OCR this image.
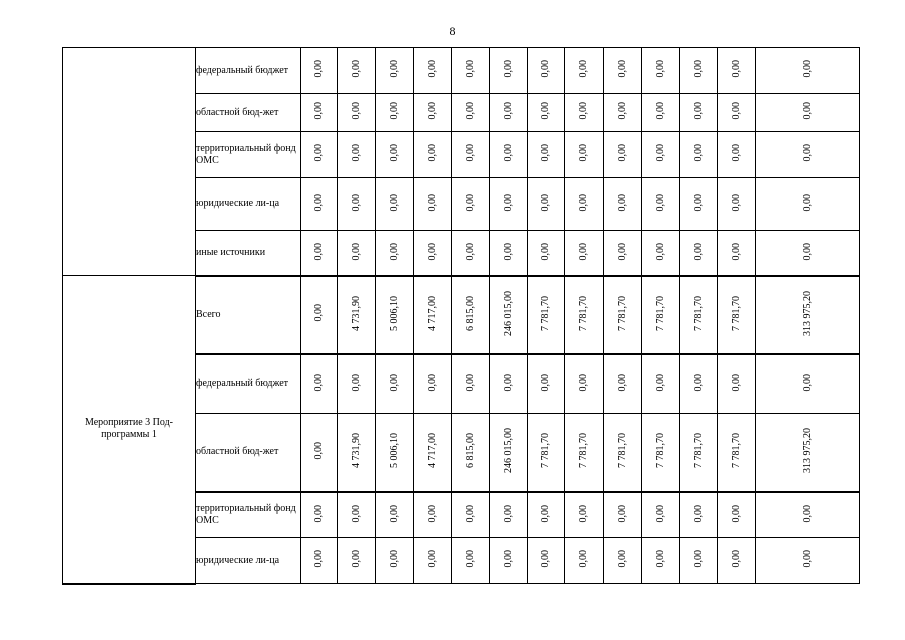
8
	федеральный бюджет	0,00	0,00	0,00	0,00	0,00	0,00	0,00	0,00	0,00	0,00	0,00	0,00	0,00
	областной бюд-жет	0,00	0,00	0,00	0,00	0,00	0,00	0,00	0,00	0,00	0,00	0,00	0,00	0,00
	территориальный фонд ОМС	0,00	0,00	0,00	0,00	0,00	0,00	0,00	0,00	0,00	0,00	0,00	0,00	0,00
	юридические ли-ца	0,00	0,00	0,00	0,00	0,00	0,00	0,00	0,00	0,00	0,00	0,00	0,00	0,00
	иные источники	0,00	0,00	0,00	0,00	0,00	0,00	0,00	0,00	0,00	0,00	0,00	0,00	0,00
Мероприятие 3 Под-программы 1	Всего	0,00	4 731,90	5 006,10	4 717,00	6 815,00	246 015,00	7 781,70	7 781,70	7 781,70	7 781,70	7 781,70	7 781,70	313 975,20
	федеральный бюджет	0,00	0,00	0,00	0,00	0,00	0,00	0,00	0,00	0,00	0,00	0,00	0,00	0,00
	областной бюд-жет	0,00	4 731,90	5 006,10	4 717,00	6 815,00	246 015,00	7 781,70	7 781,70	7 781,70	7 781,70	7 781,70	7 781,70	313 975,20
	территориальный фонд ОМС	0,00	0,00	0,00	0,00	0,00	0,00	0,00	0,00	0,00	0,00	0,00	0,00	0,00
	юридические ли-ца	0,00	0,00	0,00	0,00	0,00	0,00	0,00	0,00	0,00	0,00	0,00	0,00	0,00
